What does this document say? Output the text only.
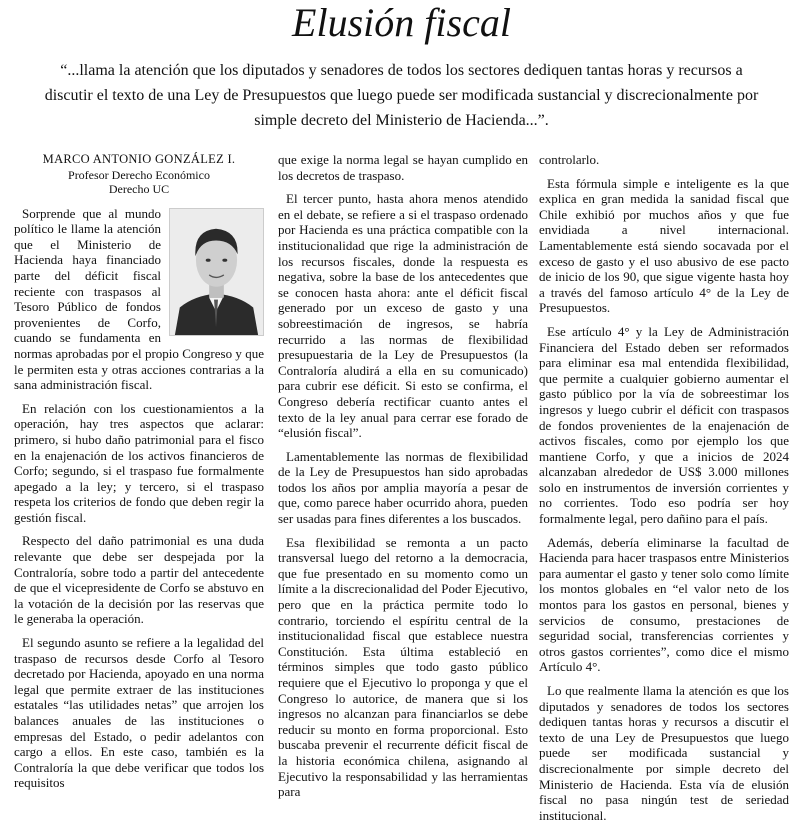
Elusión fiscal
“...llama la atención que los diputados y senadores de todos los sectores dediquen tantas horas y recursos a discutir el texto de una Ley de Presupuestos que luego puede ser modificada sustancial y discrecionalmente por simple decreto del Ministerio de Hacienda...”.
MARCO ANTONIO GONZÁLEZ I.
Profesor Derecho Económico
Derecho UC

Sorprende que al mundo político le llame la atención que el Ministerio de Hacienda haya financiado parte del déficit fiscal reciente con traspasos al Tesoro Público de fondos provenientes de Corfo, cuando se fundamenta en normas aprobadas por el propio Congreso y que le permiten esta y otras acciones contrarias a la sana administración fiscal.

En relación con los cuestionamientos a la operación, hay tres aspectos que aclarar: primero, si hubo daño patrimonial para el fisco en la enajenación de los activos financieros de Corfo; segundo, si el traspaso fue formalmente apegado a la ley; y tercero, si el traspaso respeta los criterios de fondo que deben regir la gestión fiscal.

Respecto del daño patrimonial es una duda relevante que debe ser despejada por la Contraloría, sobre todo a partir del antecedente de que el vicepresidente de Corfo se abstuvo en la votación de la decisión por las reservas que le generaba la operación.

El segundo asunto se refiere a la legalidad del traspaso de recursos desde Corfo al Tesoro decretado por Hacienda, apoyado en una norma legal que permite extraer de las instituciones estatales “las utilidades netas” que arrojen los balances anuales de las instituciones o empresas del Estado, o pedir adelantos con cargo a ellos. En este caso, también es la Contraloría la que debe verificar que todos los requisitos

que exige la norma legal se hayan cumplido en los decretos de traspaso.

El tercer punto, hasta ahora menos atendido en el debate, se refiere a si el traspaso ordenado por Hacienda es una práctica compatible con la institucionalidad que rige la administración de los recursos fiscales, donde la respuesta es negativa, sobre la base de los antecedentes que se conocen hasta ahora: ante el déficit fiscal generado por un exceso de gasto y una sobreestimación de ingresos, se habría recurrido a las normas de flexibilidad presupuestaria de la Ley de Presupuestos (la Contraloría aludirá a ella en su comunicado) para cubrir ese déficit. Si esto se confirma, el Congreso debería rectificar cuanto antes el texto de la ley anual para cerrar ese forado de “elusión fiscal”.

Lamentablemente las normas de flexibilidad de la Ley de Presupuestos han sido aprobadas todos los años por amplia mayoría a pesar de que, como parece haber ocurrido ahora, pueden ser usadas para fines diferentes a los buscados.

Esa flexibilidad se remonta a un pacto transversal luego del retorno a la democracia, que fue presentado en su momento como un límite a la discrecionalidad del Poder Ejecutivo, pero que en la práctica permite todo lo contrario, torciendo el espíritu central de la institucionalidad fiscal que establece nuestra Constitución. Esta última estableció en términos simples que todo gasto público requiere que el Ejecutivo lo proponga y que el Congreso lo autorice, de manera que si los ingresos no alcanzan para financiarlos se debe reducir su monto en forma proporcional. Esto buscaba prevenir el recurrente déficit fiscal de la historia económica chilena, asignando al Ejecutivo la responsabilidad y las herramientas para

controlarlo.

Esta fórmula simple e inteligente es la que explica en gran medida la sanidad fiscal que Chile exhibió por muchos años y que fue envidiada a nivel internacional. Lamentablemente está siendo socavada por el exceso de gasto y el uso abusivo de ese pacto de inicio de los 90, que sigue vigente hasta hoy a través del famoso artículo 4° de la Ley de Presupuestos.

Ese artículo 4° y la Ley de Administración Financiera del Estado deben ser reformados para eliminar esa mal entendida flexibilidad, que permite a cualquier gobierno aumentar el gasto público por la vía de sobreestimar los ingresos y luego cubrir el déficit con traspasos de fondos provenientes de la enajenación de activos fiscales, como por ejemplo los que mantiene Corfo, y que a inicios de 2024 alcanzaban alrededor de US$ 3.000 millones solo en instrumentos de inversión corrientes y no corrientes. Todo eso podría ser hoy formalmente legal, pero dañino para el país.

Además, debería eliminarse la facultad de Hacienda para hacer traspasos entre Ministerios para aumentar el gasto y tener solo como límite los montos globales en “el valor neto de los montos para los gastos en personal, bienes y servicios de consumo, prestaciones de seguridad social, transferencias corrientes y otros gastos corrientes”, como dice el mismo Artículo 4°.

Lo que realmente llama la atención es que los diputados y senadores de todos los sectores dediquen tantas horas y recursos a discutir el texto de una Ley de Presupuestos que luego puede ser modificada sustancial y discrecionalmente por simple decreto del Ministerio de Hacienda. Esta vía de elusión fiscal no pasa ningún test de seriedad institucional.
